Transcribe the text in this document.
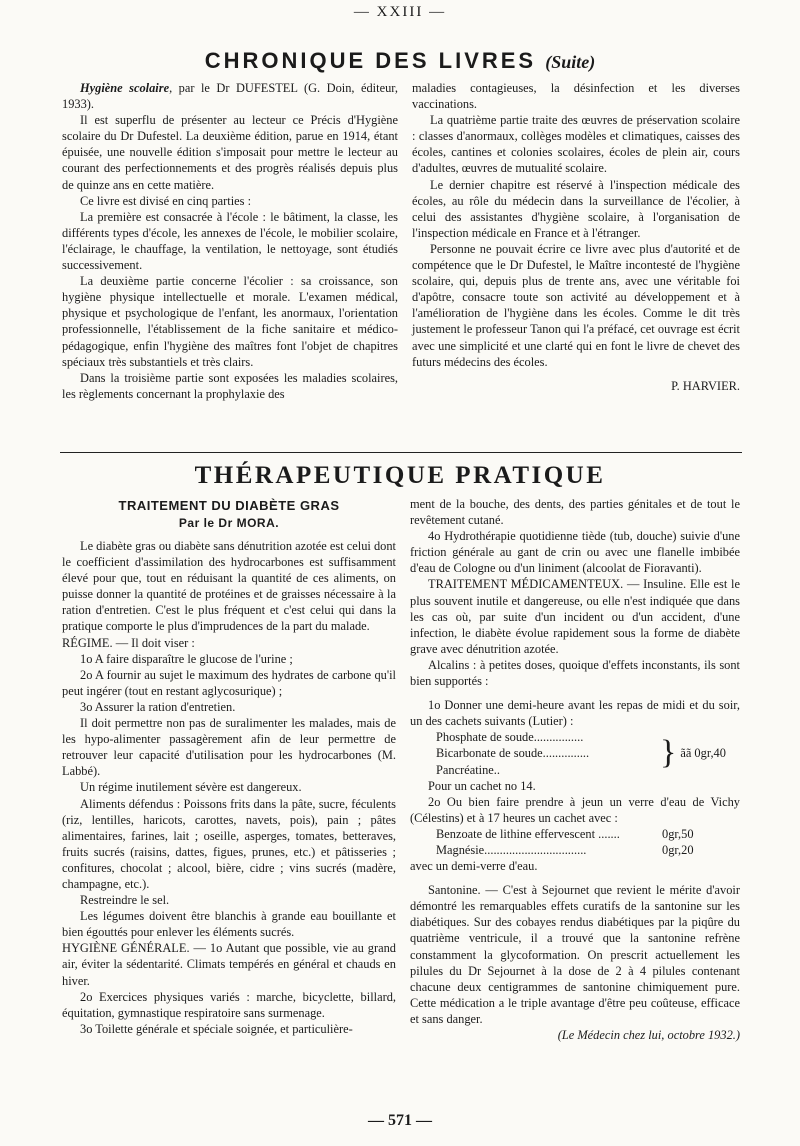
— XXIII —
CHRONIQUE DES LIVRES (Suite)

Hygiène scolaire, par le Dr DUFESTEL (G. Doin, éditeur, 1933).

Il est superflu de présenter au lecteur ce Précis d'Hygiène scolaire du Dr Dufestel. La deuxième édition, parue en 1914, étant épuisée, une nouvelle édition s'imposait pour mettre le lecteur au courant des perfectionnements et des progrès réalisés depuis plus de quinze ans en cette matière.

Ce livre est divisé en cinq parties :

La première est consacrée à l'école : le bâtiment, la classe, les différents types d'école, les annexes de l'école, le mobilier scolaire, l'éclairage, le chauffage, la ventilation, le nettoyage, sont étudiés successivement.

La deuxième partie concerne l'écolier : sa croissance, son hygiène physique intellectuelle et morale. L'examen médical, physique et psychologique de l'enfant, les anormaux, l'orientation professionnelle, l'établissement de la fiche sanitaire et médico-pédagogique, enfin l'hygiène des maîtres font l'objet de chapitres spéciaux très substantiels et très clairs.

Dans la troisième partie sont exposées les maladies scolaires, les règlements concernant la prophylaxie des

maladies contagieuses, la désinfection et les diverses vaccinations.

La quatrième partie traite des œuvres de préservation scolaire : classes d'anormaux, collèges modèles et climatiques, caisses des écoles, cantines et colonies scolaires, écoles de plein air, cours d'adultes, œuvres de mutualité scolaire.

Le dernier chapitre est réservé à l'inspection médicale des écoles, au rôle du médecin dans la surveillance de l'écolier, à celui des assistantes d'hygiène scolaire, à l'organisation de l'inspection médicale en France et à l'étranger.

Personne ne pouvait écrire ce livre avec plus d'autorité et de compétence que le Dr Dufestel, le Maître incontesté de l'hygiène scolaire, qui, depuis plus de trente ans, avec une véritable foi d'apôtre, consacre toute son activité au développement et à l'amélioration de l'hygiène dans les écoles. Comme le dit très justement le professeur Tanon qui l'a préfacé, cet ouvrage est écrit avec une simplicité et une clarté qui en font le livre de chevet des futurs médecins des écoles.

P. HARVIER.

THÉRAPEUTIQUE PRATIQUE
TRAITEMENT DU DIABÈTE GRAS
Par le Dr MORA.

Le diabète gras ou diabète sans dénutrition azotée est celui dont le coefficient d'assimilation des hydrocarbones est suffisamment élevé pour que, tout en réduisant la quantité de ces aliments, on puisse donner la quantité de protéines et de graisses nécessaire à la ration d'entretien. C'est le plus fréquent et c'est celui qui dans la pratique comporte le plus d'imprudences de la part du malade.

RÉGIME. — Il doit viser :

1o A faire disparaître le glucose de l'urine ;

2o A fournir au sujet le maximum des hydrates de carbone qu'il peut ingérer (tout en restant aglycosurique) ;

3o Assurer la ration d'entretien.

Il doit permettre non pas de suralimenter les malades, mais de les hypo-alimenter passagèrement afin de leur permettre de retrouver leur capacité d'utilisation pour les hydrocarbones (M. Labbé).

Un régime inutilement sévère est dangereux.

Aliments défendus : Poissons frits dans la pâte, sucre, féculents (riz, lentilles, haricots, carottes, navets, pois), pain ; pâtes alimentaires, farines, lait ; oseille, asperges, tomates, betteraves, fruits sucrés (raisins, dattes, figues, prunes, etc.) et pâtisseries ; confitures, chocolat ; alcool, bière, cidre ; vins sucrés (madère, champagne, etc.).

Restreindre le sel.

Les légumes doivent être blanchis à grande eau bouillante et bien égouttés pour enlever les éléments sucrés.

HYGIÈNE GÉNÉRALE. — 1o Autant que possible, vie au grand air, éviter la sédentarité. Climats tempérés en général et chauds en hiver.

2o Exercices physiques variés : marche, bicyclette, billard, équitation, gymnastique respiratoire sans surmenage.

3o Toilette générale et spéciale soignée, et particulière-

ment de la bouche, des dents, des parties génitales et de tout le revêtement cutané.

4o Hydrothérapie quotidienne tiède (tub, douche) suivie d'une friction générale au gant de crin ou avec une flanelle imbibée d'eau de Cologne ou d'un liniment (alcoolat de Fioravanti).

TRAITEMENT MÉDICAMENTEUX. — Insuline. Elle est le plus souvent inutile et dangereuse, ou elle n'est indiquée que dans les cas où, par suite d'un incident ou d'un accident, d'une infection, le diabète évolue rapidement sous la forme de diabète grave avec dénutrition azotée.

Alcalins : à petites doses, quoique d'effets inconstants, ils sont bien supportés :

1o Donner une demi-heure avant les repas de midi et du soir, un des cachets suivants (Lutier) :

Phosphate de soude................
Bicarbonate de soude...............
Pancréatine..	} ãã 0gr,40

Pour un cachet no 14.

2o Ou bien faire prendre à jeun un verre d'eau de Vichy (Célestins) et à 17 heures un cachet avec :

Benzoate de lithine effervescent .......	0gr,50
Magnésie.................................	0gr,20

avec un demi-verre d'eau.

Santonine. — C'est à Sejournet que revient le mérite d'avoir démontré les remarquables effets curatifs de la santonine sur les diabétiques. Sur des cobayes rendus diabétiques par la piqûre du quatrième ventricule, il a trouvé que la santonine refrène constamment la glycoformation. On prescrit actuellement les pilules du Dr Sejournet à la dose de 2 à 4 pilules contenant chacune deux centigrammes de santonine chimiquement pure. Cette médication a le triple avantage d'être peu coûteuse, efficace et sans danger.

(Le Médecin chez lui, octobre 1932.)

— 571 —
